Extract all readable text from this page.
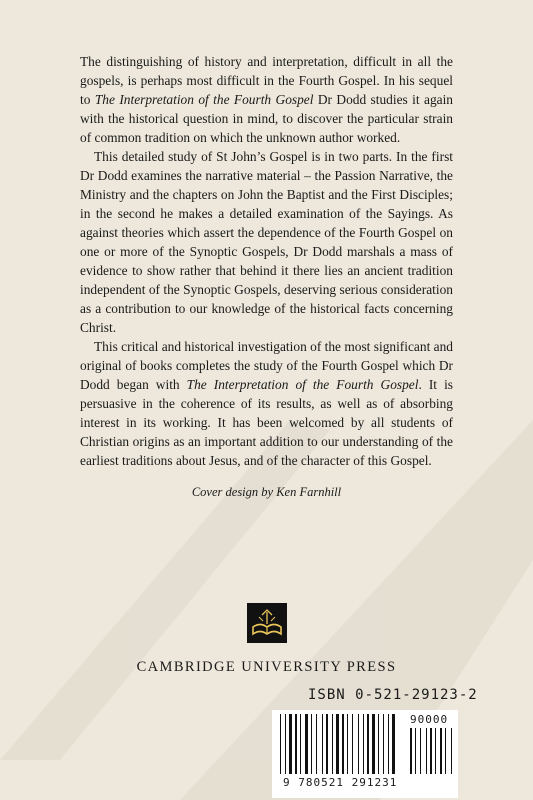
The distinguishing of history and interpretation, difficult in all the gospels, is perhaps most difficult in the Fourth Gospel. In his sequel to The Interpretation of the Fourth Gospel Dr Dodd studies it again with the historical question in mind, to discover the particular strain of common tradition on which the unknown author worked.

This detailed study of St John’s Gospel is in two parts. In the first Dr Dodd examines the narrative material – the Passion Narrative, the Ministry and the chapters on John the Baptist and the First Disciples; in the second he makes a detailed examination of the Sayings. As against theories which assert the dependence of the Fourth Gospel on one or more of the Synoptic Gospels, Dr Dodd marshals a mass of evidence to show rather that behind it there lies an ancient tradition independent of the Synoptic Gospels, deserving serious consideration as a contribution to our knowledge of the historical facts concerning Christ.

This critical and historical investigation of the most significant and original of books completes the study of the Fourth Gospel which Dr Dodd began with The Interpretation of the Fourth Gospel. It is persuasive in the coherence of its results, as well as of absorbing interest in its working. It has been welcomed by all students of Christian origins as an important addition to our understanding of the earliest traditions about Jesus, and of the character of this Gospel.

Cover design by Ken Farnhill
CAMBRIDGE UNIVERSITY PRESS
ISBN 0-521-29123-2
90000
9 780521 291231
